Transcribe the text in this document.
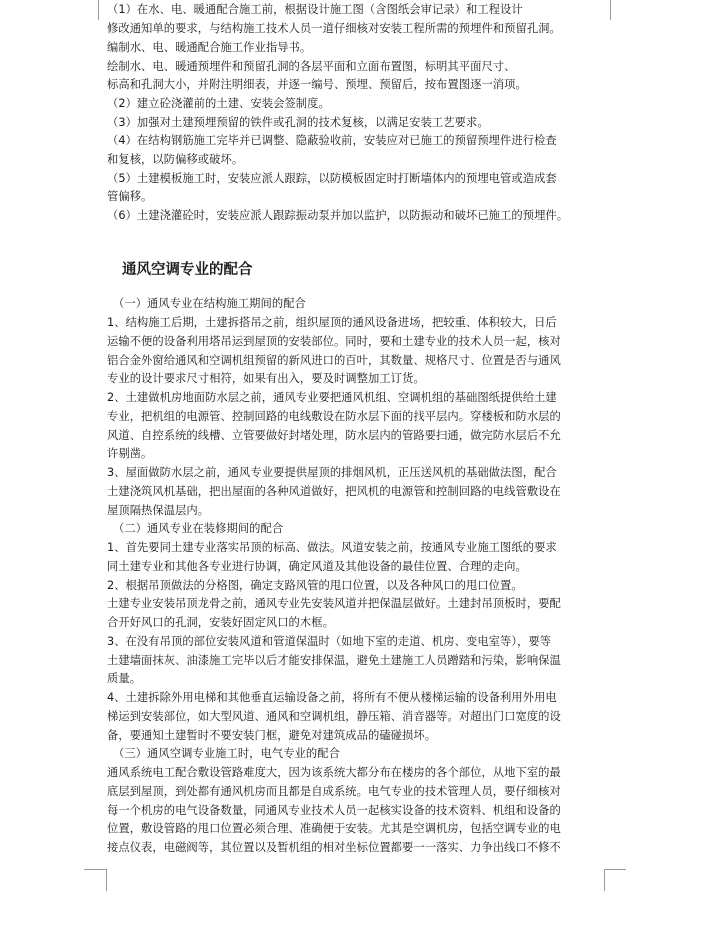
（1）在水、电、暖通配合施工前，根据设计施工图（含图纸会审记录）和工程设计

修改通知单的要求，与结构施工技术人员一道仔细核对安装工程所需的预埋件和预留孔洞。

编制水、电、暖通配合施工作业指导书。

绘制水、电、暖通预埋件和预留孔洞的各层平面和立面布置图，标明其平面尺寸、

标高和孔洞大小，并附注明细表，并逐一编号、预埋、预留后，按布置图逐一消项。

（2）建立砼浇灌前的土建、安装会签制度。

（3）加强对土建预埋预留的铁件或孔洞的技术复核，以满足安装工艺要求。

（4）在结构钢筋施工完毕并已调整、隐蔽验收前，安装应对已施工的预留预埋件进行检查

和复核，以防偏移或破坏。

（5）土建模板施工时，安装应派人跟踪，以防模板固定时打断墙体内的预埋电管或造成套

管偏移。

（6）土建浇灌砼时，安装应派人跟踪振动泵并加以监护，以防振动和破坏已施工的预埋件。

通风空调专业的配合

（一）通风专业在结构施工期间的配合

1、结构施工后期，土建拆搭吊之前，组织屋顶的通风设备进场，把较重、体积较大，日后

运输不便的设备利用塔吊运到屋顶的安装部位。同时，要和土建专业的技术人员一起，核对

铝合金外窗给通风和空调机组预留的新风进口的百叶，其数量、规格尺寸、位置是否与通风

专业的设计要求尺寸相符，如果有出入，要及时调整加工订货。

2、土建做机房地面防水层之前，通风专业要把通风机组、空调机组的基础图纸提供给土建

专业，把机组的电源管、控制回路的电线敷设在防水层下面的找平层内。穿楼板和防水层的

风道、自控系统的线槽、立管要做好封堵处理，防水层内的管路要扫通，做完防水层后不允

许剔凿。

3、屋面做防水层之前，通风专业要提供屋顶的排烟风机，正压送风机的基础做法图，配合

土建浇筑风机基础，把出屋面的各种风道做好，把风机的电源管和控制回路的电线管敷设在

屋顶隔热保温层内。

（二）通风专业在装修期间的配合

1、首先要同土建专业落实吊顶的标高、做法。风道安装之前，按通风专业施工图纸的要求

同土建专业和其他各专业进行协调，确定风道及其他设备的最佳位置、合理的走向。

2、根据吊顶做法的分格图，确定支路风管的甩口位置，以及各种风口的甩口位置。

土建专业安装吊顶龙骨之前，通风专业先安装风道并把保温层做好。土建封吊顶板时，要配

合开好风口的孔洞，安装好固定风口的木框。

3、在没有吊顶的部位安装风道和管道保温时（如地下室的走道、机房、变电室等），要等

土建墙面抹灰、油漆施工完毕以后才能安排保温，避免土建施工人员蹭踏和污染，影响保温

质量。

4、土建拆除外用电梯和其他垂直运输设备之前，将所有不便从楼梯运输的设备利用外用电

梯运到安装部位，如大型风道、通风和空调机组，静压箱、消音器等。对超出门口宽度的设

备，要通知土建暂时不要安装门框，避免对建筑成品的磕碰损坏。

（三）通风空调专业施工时，电气专业的配合

通风系统电工配合敷设管路难度大，因为该系统大都分布在楼房的各个部位，从地下室的最

底层到屋顶，到处都有通风机房而且都是自成系统。电气专业的技术管理人员，要仔细核对

每一个机房的电气设备数量，同通风专业技术人员一起核实设备的技术资料、机组和设备的

位置，敷设管路的甩口位置必须合理、准确便于安装。尤其是空调机房，包括空调专业的电

接点仪表，电磁阀等，其位置以及暂机组的相对坐标位置都要一一落实、力争出线口不修不
